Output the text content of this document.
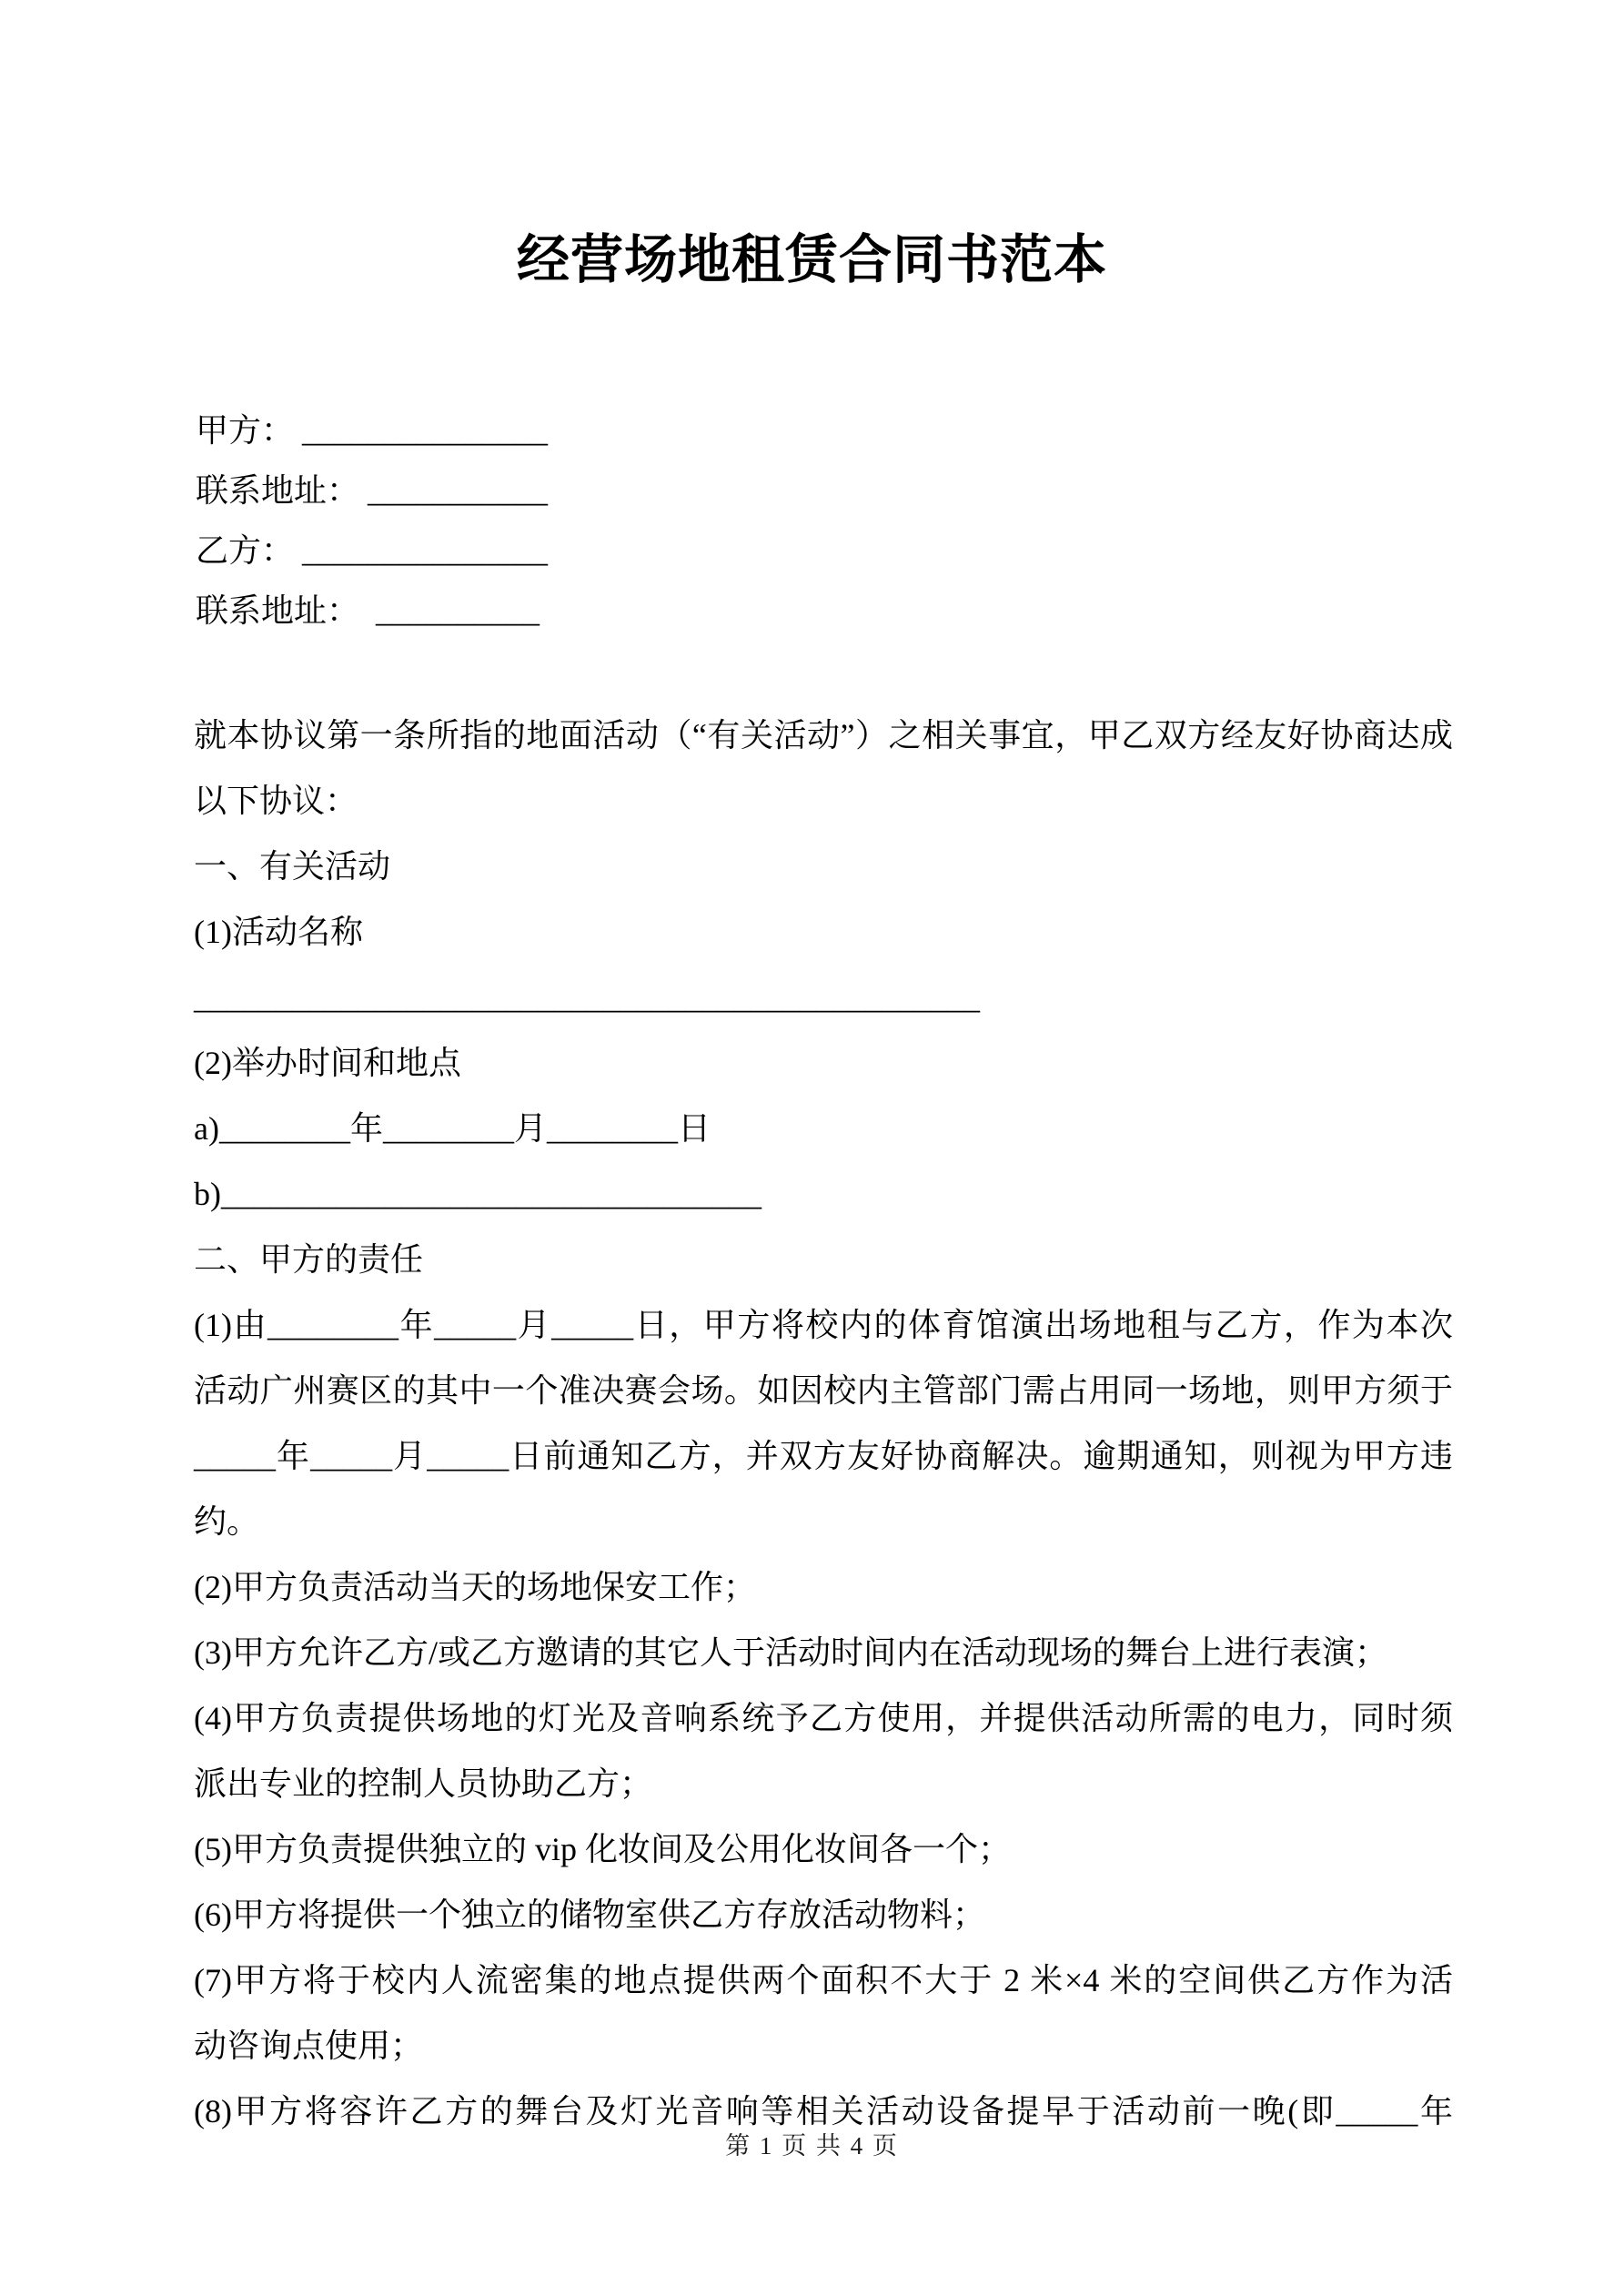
经营场地租赁合同书范本
甲方： _______________
联系地址： ___________
乙方： _______________
联系地址：  __________
就本协议第一条所指的地面活动（“有关活动”）之相关事宜，甲乙双方经友好协商达成
以下协议：
一、有关活动
(1)活动名称
________________________________________________
(2)举办时间和地点
a)________年________月________日
b)_________________________________
二、甲方的责任
(1)由________年_____月_____日，甲方将校内的体育馆演出场地租与乙方，作为本次
活动广州赛区的其中一个准决赛会场。如因校内主管部门需占用同一场地，则甲方须于
_____年_____月_____日前通知乙方，并双方友好协商解决。逾期通知，则视为甲方违
约。
(2)甲方负责活动当天的场地保安工作；
(3)甲方允许乙方/或乙方邀请的其它人于活动时间内在活动现场的舞台上进行表演；
(4)甲方负责提供场地的灯光及音响系统予乙方使用，并提供活动所需的电力，同时须
派出专业的控制人员协助乙方；
(5)甲方负责提供独立的 vip 化妆间及公用化妆间各一个；
(6)甲方将提供一个独立的储物室供乙方存放活动物料；
(7)甲方将于校内人流密集的地点提供两个面积不大于 2 米×4 米的空间供乙方作为活
动咨询点使用；
(8)甲方将容许乙方的舞台及灯光音响等相关活动设备提早于活动前一晚(即_____年
第 1 页 共 4 页
